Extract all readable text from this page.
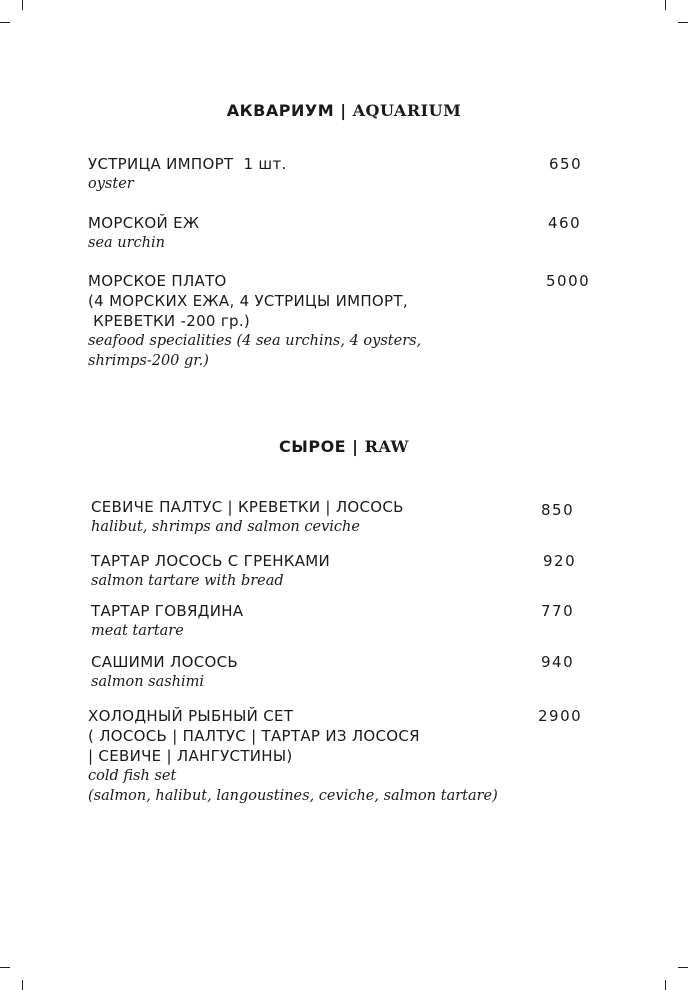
АКВАРИУМ | AQUARIUM
УСТРИЦА ИМПОРТ  1 шт.
oyster
650
МОРСКОЙ ЕЖ
sea urchin
460
МОРСКОЕ ПЛАТО
(4 МОРСКИХ ЕЖА, 4 УСТРИЦЫ ИМПОРТ,
КРЕВЕТКИ -200 гр.)
seafood specialities (4 sea urchins, 4 oysters,
shrimps-200 gr.)
5000
СЫРОЕ | RAW
СЕВИЧЕ ПАЛТУС | КРЕВЕТКИ | ЛОСОСЬ
halibut, shrimps and salmon ceviche
850
ТАРТАР ЛОСОСЬ С ГРЕНКАМИ
salmon tartare with bread
920
ТАРТАР ГОВЯДИНА
meat tartare
770
САШИМИ ЛОСОСЬ
salmon sashimi
940
ХОЛОДНЫЙ РЫБНЫЙ СЕТ
( ЛОСОСЬ | ПАЛТУС | ТАРТАР ИЗ ЛОСОСЯ
| СЕВИЧЕ | ЛАНГУСТИНЫ)
cold fish set
(salmon, halibut, langoustines, ceviche, salmon tartare)
2900
